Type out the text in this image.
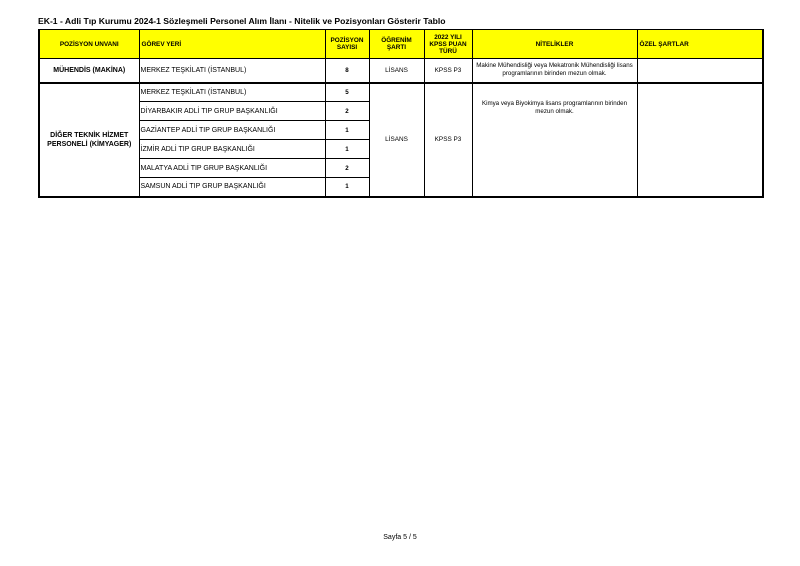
EK-1 - Adli Tıp Kurumu 2024-1 Sözleşmeli Personel Alım İlanı - Nitelik ve Pozisyonları Gösterir Tablo
POZİSYON UNVANI	GÖREV YERİ	POZİSYON SAYISI	ÖĞRENİM ŞARTI	2022 YILI KPSS PUAN TÜRÜ	NİTELİKLER	ÖZEL ŞARTLAR
MÜHENDİS (MAKİNA)	MERKEZ TEŞKİLATI (İSTANBUL)	8	LİSANS	KPSS P3	Makine Mühendisliği veya Mekatronik Mühendisliği lisans programlarının birinden mezun olmak.	
DİĞER TEKNİK HİZMET PERSONELİ (KİMYAGER)	MERKEZ TEŞKİLATI (İSTANBUL)	5	LİSANS	KPSS P3	Kimya veya Biyokimya lisans programlarının birinden mezun olmak.	
	DİYARBAKIR ADLİ TIP GRUP BAŞKANLIĞI	2				
	GAZİANTEP ADLİ TIP GRUP BAŞKANLIĞI	1				
	İZMİR ADLİ TIP GRUP BAŞKANLIĞI	1				
	MALATYA ADLİ TIP GRUP BAŞKANLIĞI	2				
	SAMSUN ADLİ TIP GRUP BAŞKANLIĞI	1				
Sayfa 5 / 5
